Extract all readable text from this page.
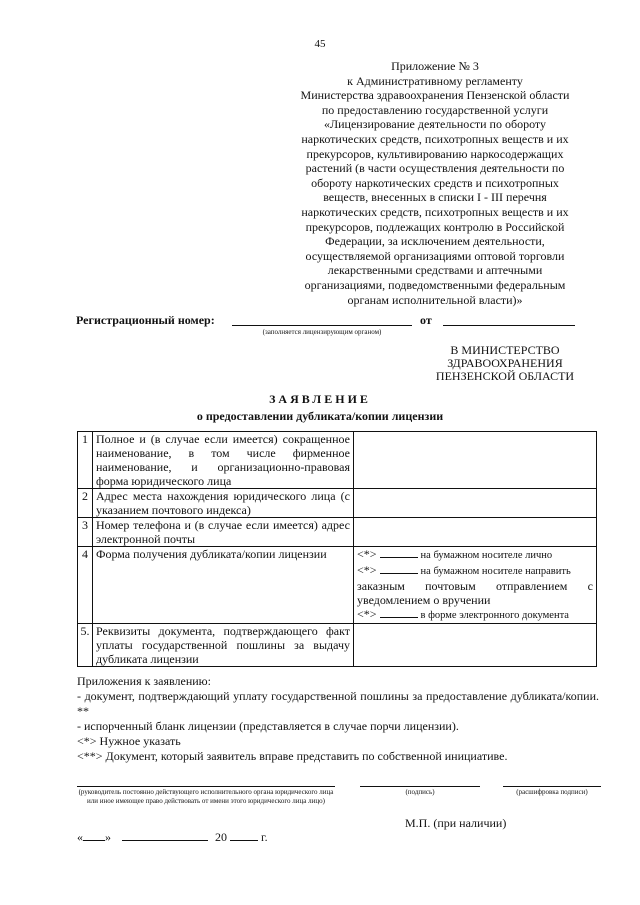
45
Приложение № 3
к Административному регламенту
Министерства здравоохранения Пензенской области
по предоставлению государственной услуги
«Лицензирование деятельности по обороту
наркотических средств, психотропных веществ и их
прекурсоров, культивированию наркосодержащих
растений (в части осуществления деятельности по
обороту наркотических средств и психотропных
веществ, внесенных в списки I - III перечня
наркотических средств, психотропных веществ и их
прекурсоров, подлежащих контролю в Российской
Федерации, за исключением деятельности,
осуществляемой организациями оптовой торговли
лекарственными средствами и аптечными
организациями, подведомственными федеральным
органам исполнительной власти)»
Регистрационный номер:	от
(заполняется лицензирующим органом)
В МИНИСТЕРСТВО
ЗДРАВООХРАНЕНИЯ
ПЕНЗЕНСКОЙ ОБЛАСТИ
ЗАЯВЛЕНИЕ
о предоставлении дубликата/копии лицензии
1	Полное и (в случае если имеется) сокращенное наименование, в том числе фирменное наименование, и организационно-правовая форма юридического лица	
2	Адрес места нахождения юридического лица (с указанием почтового индекса)	
3	Номер телефона и (в случае если имеется) адрес электронной почты	
4	Форма получения дубликата/копии лицензии	<*> на бумажном носителе лично
<*> на бумажном носителе направить
заказным почтовым отправлением с уведомлением о вручении
<*> в форме электронного документа

5.	Реквизиты документа, подтверждающего факт уплаты государственной пошлины за выдачу дубликата лицензии	
Приложения к заявлению:
- документ, подтверждающий уплату государственной пошлины за предоставление дубликата/копии. **
- испорченный бланк лицензии (представляется в случае порчи лицензии).
<*> Нужное указать
<**> Документ, который заявитель вправе представить по собственной инициативе.
(руководитель постоянно действующего исполнительного органа юридического лица или иное имеющее право действовать от имени этого юридического лица лицо)
(подпись)	(расшифровка подписи)
М.П. (при наличии)
« »	20	г.
